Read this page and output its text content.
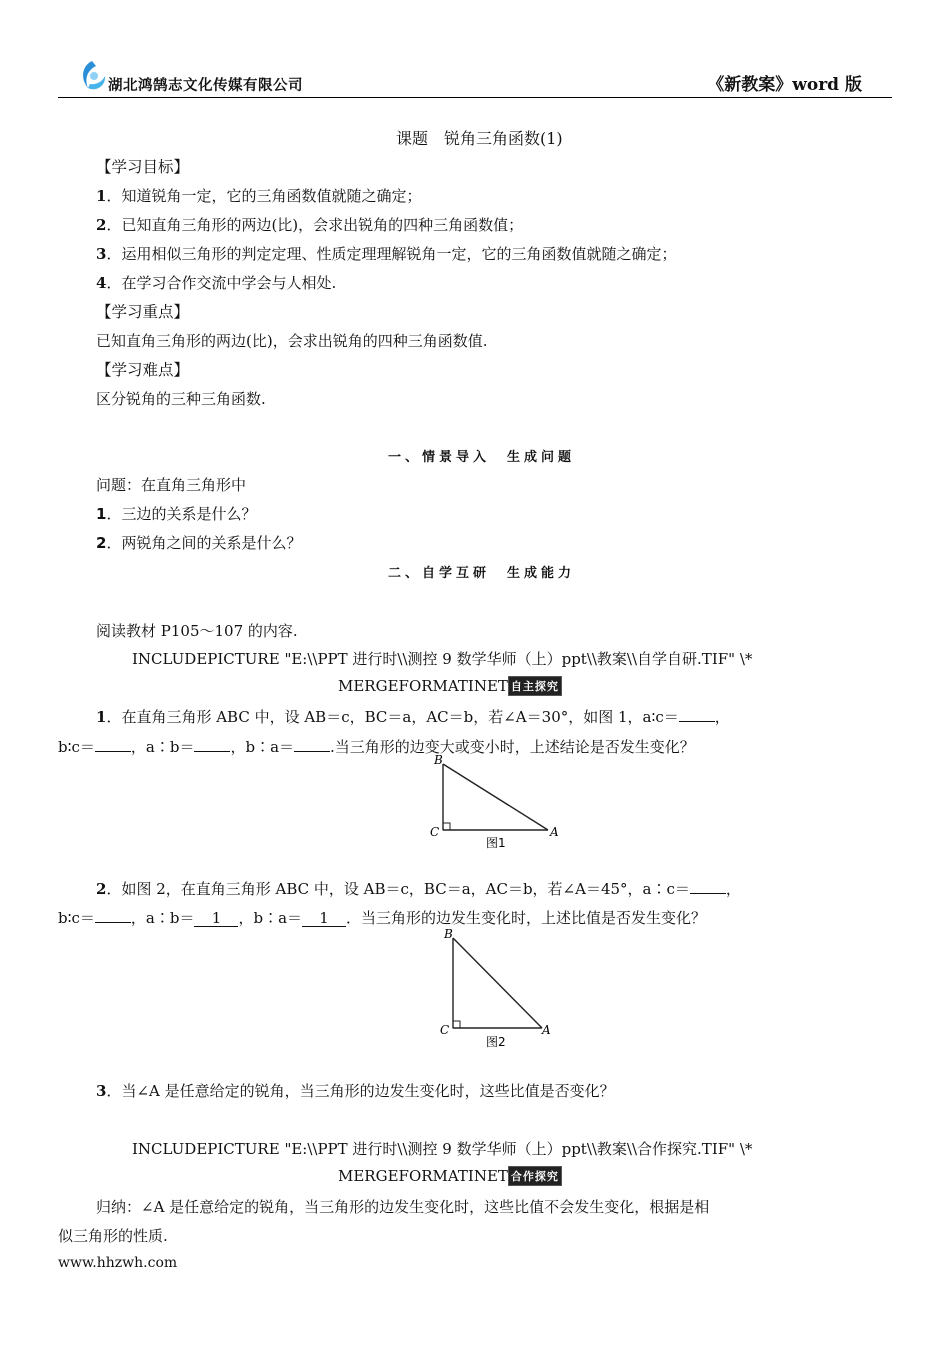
湖北鸿鹄志文化传媒有限公司	《新教案》word 版
课题　锐角三角函数(1)
【学习目标】
1．知道锐角一定，它的三角函数值就随之确定；
2．已知直角三角形的两边(比)，会求出锐角的四种三角函数值；
3．运用相似三角形的判定定理、性质定理理解锐角一定，它的三角函数值就随之确定；
4．在学习合作交流中学会与人相处.
【学习重点】
已知直角三角形的两边(比)，会求出锐角的四种三角函数值.
【学习难点】
区分锐角的三种三角函数.
一、情景导入　生成问题
问题：在直角三角形中
1．三边的关系是什么？
2．两锐角之间的关系是什么？
二、自学互研　生成能力
阅读教材 P105～107 的内容.
INCLUDEPICTURE "E:\\PPT 进行时\\测控 9 数学华师（上）ppt\\教案\\自学自研.TIF" \*
MERGEFORMATINET 自主探究
1．在直角三角形 ABC 中，设 AB＝c，BC＝a，AC＝b，若∠A＝30°，如图 1，a∶c＝ ，
b∶c＝ ，a∶b＝ ，b∶a＝ .当三角形的边变大或变小时，上述结论是否发生变化？
B
C	A
图1
2．如图 2，在直角三角形 ABC 中，设 AB＝c，BC＝a，AC＝b，若∠A＝45°，a∶c＝ ，
b∶c＝ ，a∶b＝ 1 ，b∶a＝ 1 ．当三角形的边发生变化时，上述比值是否发生变化？
B
C	A
图2
3．当∠A 是任意给定的锐角，当三角形的边发生变化时，这些比值是否变化？
INCLUDEPICTURE "E:\\PPT 进行时\\测控 9 数学华师（上）ppt\\教案\\合作探究.TIF" \*
MERGEFORMATINET 合作探究
归纳：∠A 是任意给定的锐角，当三角形的边发生变化时，这些比值不会发生变化，根据是相
似三角形的性质.
www.hhzwh.com
